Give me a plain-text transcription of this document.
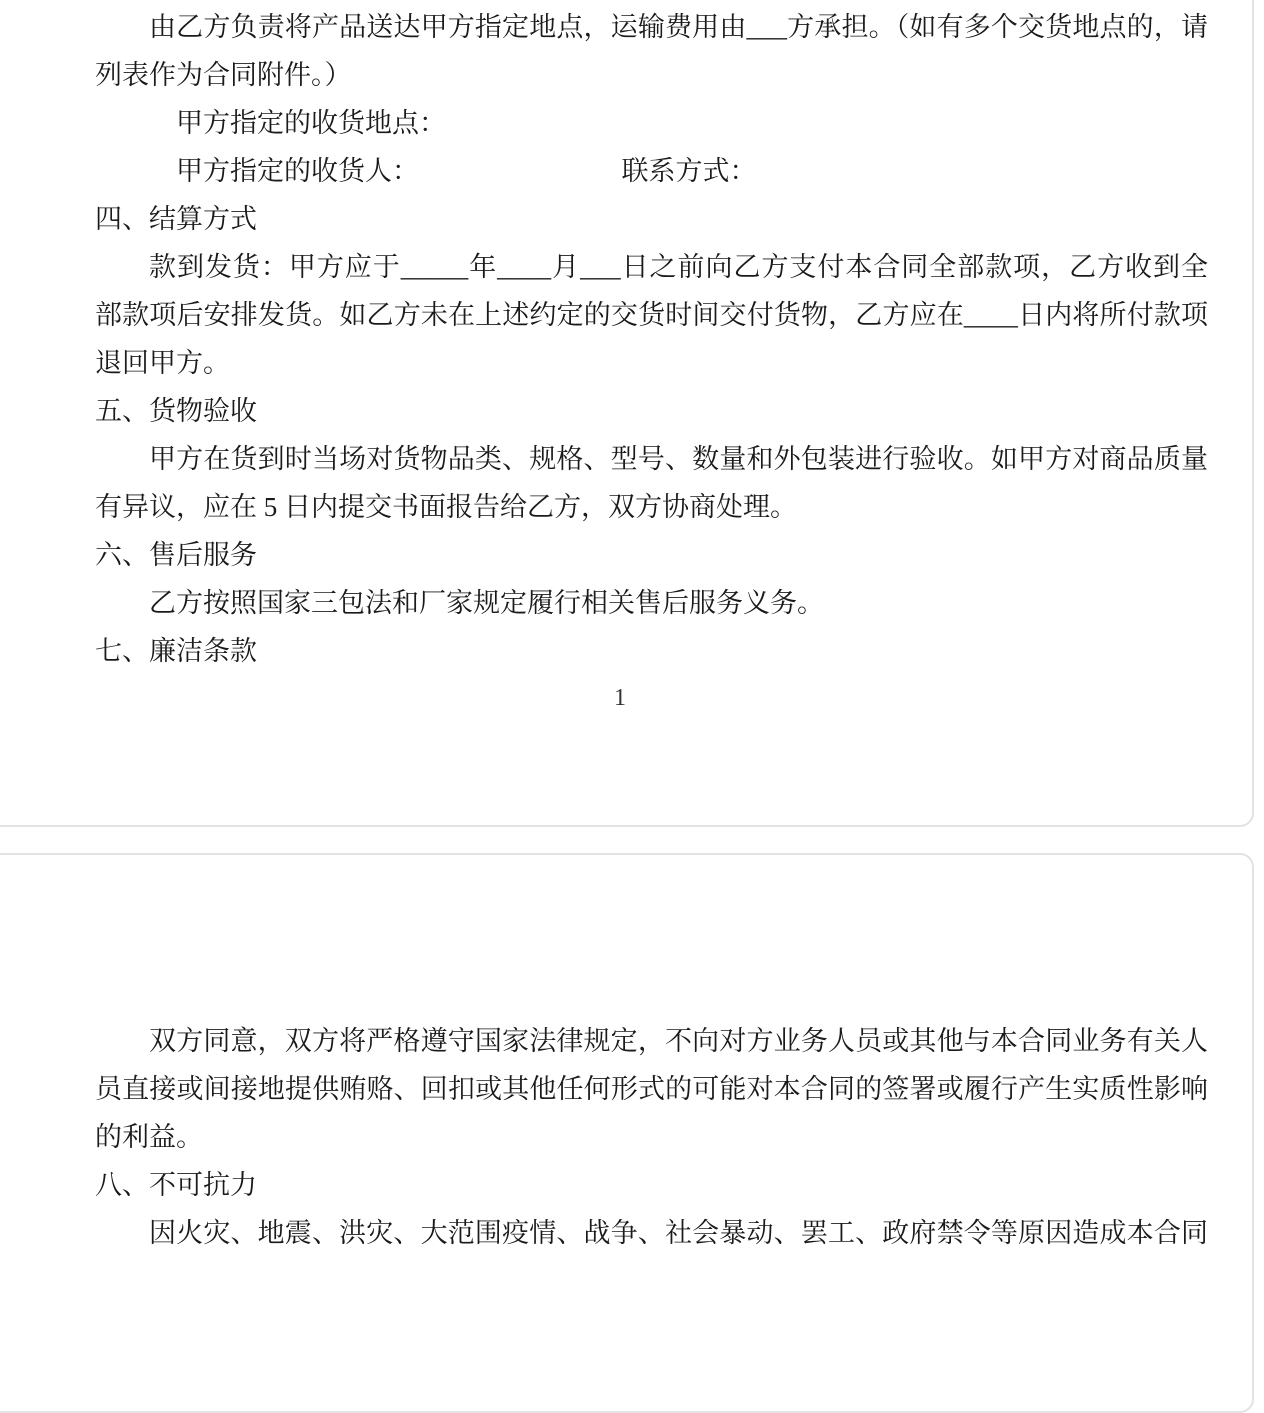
由乙方负责将产品送达甲方指定地点，运输费用由___方承担。（如有多个交货地点的，请
列表作为合同附件。）
甲方指定的收货地点：
甲方指定的收货人：　　　　　　　　联系方式：
四、结算方式
款到发货：甲方应于_____年____月___日之前向乙方支付本合同全部款项，乙方收到全
部款项后安排发货。如乙方未在上述约定的交货时间交付货物，乙方应在____日内将所付款项
退回甲方。
五、货物验收
甲方在货到时当场对货物品类、规格、型号、数量和外包装进行验收。如甲方对商品质量
有异议，应在 5 日内提交书面报告给乙方，双方协商处理。
六、售后服务
乙方按照国家三包法和厂家规定履行相关售后服务义务。
七、廉洁条款
1
双方同意，双方将严格遵守国家法律规定，不向对方业务人员或其他与本合同业务有关人
员直接或间接地提供贿赂、回扣或其他任何形式的可能对本合同的签署或履行产生实质性影响
的利益。
八、不可抗力
因火灾、地震、洪灾、大范围疫情、战争、社会暴动、罢工、政府禁令等原因造成本合同
